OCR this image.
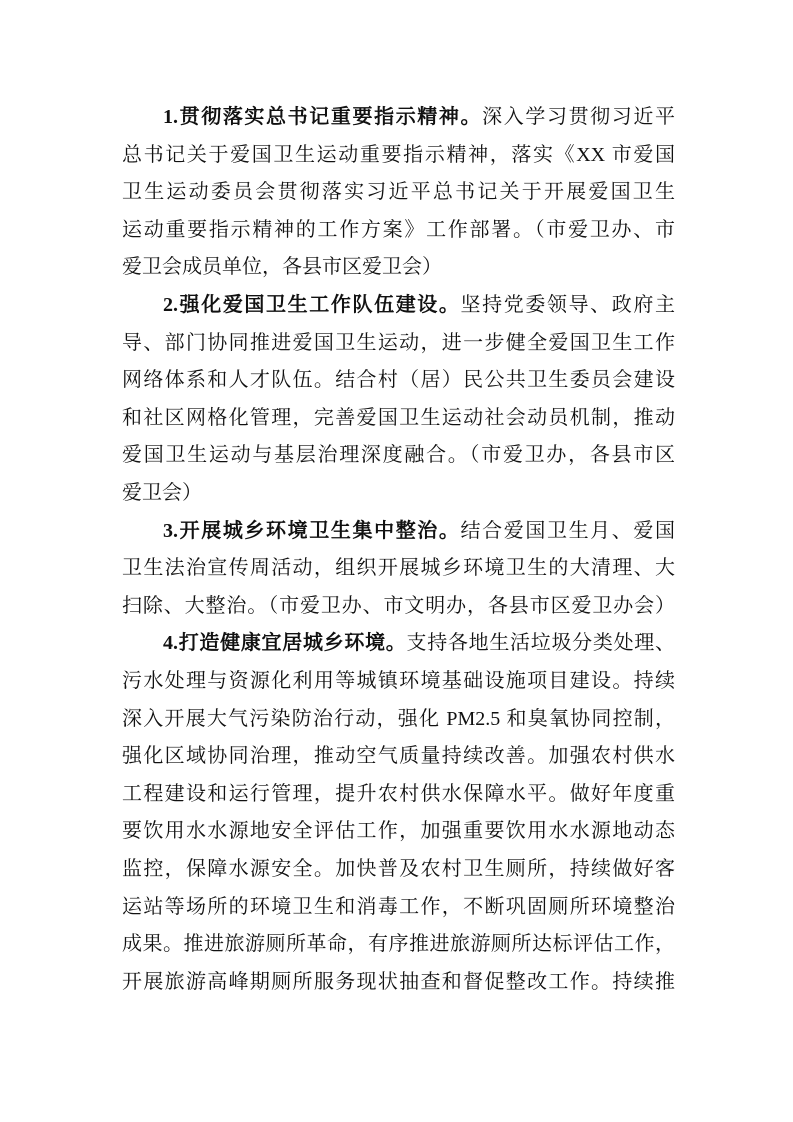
1.贯彻落实总书记重要指示精神。深入学习贯彻习近平
总书记关于爱国卫生运动重要指示精神，落实《XX 市爱国
卫生运动委员会贯彻落实习近平总书记关于开展爱国卫生
运动重要指示精神的工作方案》工作部署。（市爱卫办、市
爱卫会成员单位，各县市区爱卫会）
2.强化爱国卫生工作队伍建设。坚持党委领导、政府主
导、部门协同推进爱国卫生运动，进一步健全爱国卫生工作
网络体系和人才队伍。结合村（居）民公共卫生委员会建设
和社区网格化管理，完善爱国卫生运动社会动员机制，推动
爱国卫生运动与基层治理深度融合。（市爱卫办，各县市区
爱卫会）
3.开展城乡环境卫生集中整治。结合爱国卫生月、爱国
卫生法治宣传周活动，组织开展城乡环境卫生的大清理、大
扫除、大整治。（市爱卫办、市文明办，各县市区爱卫办会）
4.打造健康宜居城乡环境。支持各地生活垃圾分类处理、
污水处理与资源化利用等城镇环境基础设施项目建设。持续
深入开展大气污染防治行动，强化 PM2.5 和臭氧协同控制，
强化区域协同治理，推动空气质量持续改善。加强农村供水
工程建设和运行管理，提升农村供水保障水平。做好年度重
要饮用水水源地安全评估工作，加强重要饮用水水源地动态
监控，保障水源安全。加快普及农村卫生厕所，持续做好客
运站等场所的环境卫生和消毒工作，不断巩固厕所环境整治
成果。推进旅游厕所革命，有序推进旅游厕所达标评估工作，
开展旅游高峰期厕所服务现状抽查和督促整改工作。持续推
